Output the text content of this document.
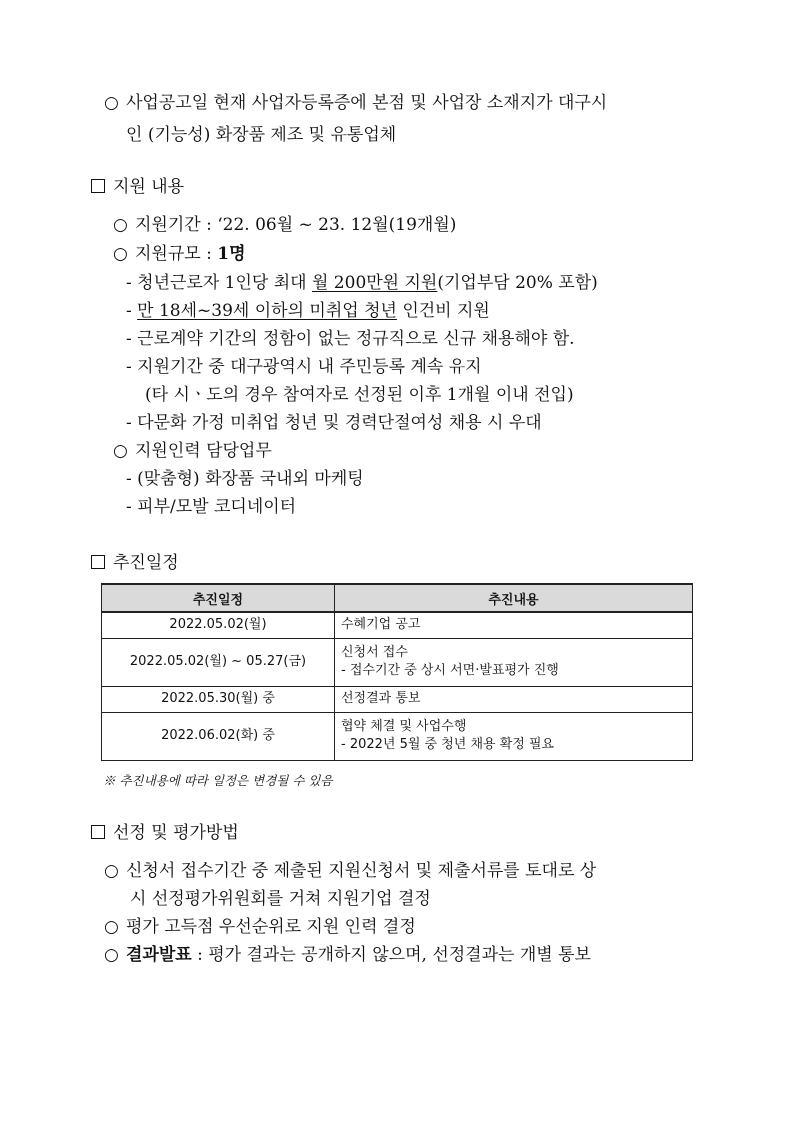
○ 사업공고일 현재 사업자등록증에 본점 및 사업장 소재지가 대구시
인 (기능성) 화장품 제조 및 유통업체
지원 내용
○ 지원기간 : ‘22. 06월 ~ 23. 12월(19개월)
○ 지원규모 : 1명
- 청년근로자 1인당 최대 월 200만원 지원(기업부담 20% 포함)
- 만 18세~39세 이하의 미취업 청년 인건비 지원
- 근로계약 기간의 정함이 없는 정규직으로 신규 채용해야 함.
- 지원기간 중 대구광역시 내 주민등록 계속 유지
(타 시ㆍ도의 경우 참여자로 선정된 이후 1개월 이내 전입)
- 다문화 가정 미취업 청년 및 경력단절여성 채용 시 우대
○ 지원인력 담당업무
- (맞춤형) 화장품 국내외 마케팅
- 피부/모발 코디네이터
추진일정
추진일정	추진내용
2022.05.02(월)	수혜기업 공고
2022.05.02(월) ~ 05.27(금)	신청서 접수
- 접수기간 중 상시 서면·발표평가 진행

2022.05.30(월) 중	선정결과 통보
2022.06.02(화) 중	협약 체결 및 사업수행
- 2022년 5월 중 청년 채용 확정 필요
※ 추진내용에 따라 일정은 변경될 수 있음
선정 및 평가방법
○ 신청서 접수기간 중 제출된 지원신청서 및 제출서류를 토대로 상
시 선정평가위원회를 거쳐 지원기업 결정
○ 평가 고득점 우선순위로 지원 인력 결정
○ 결과발표 : 평가 결과는 공개하지 않으며, 선정결과는 개별 통보
